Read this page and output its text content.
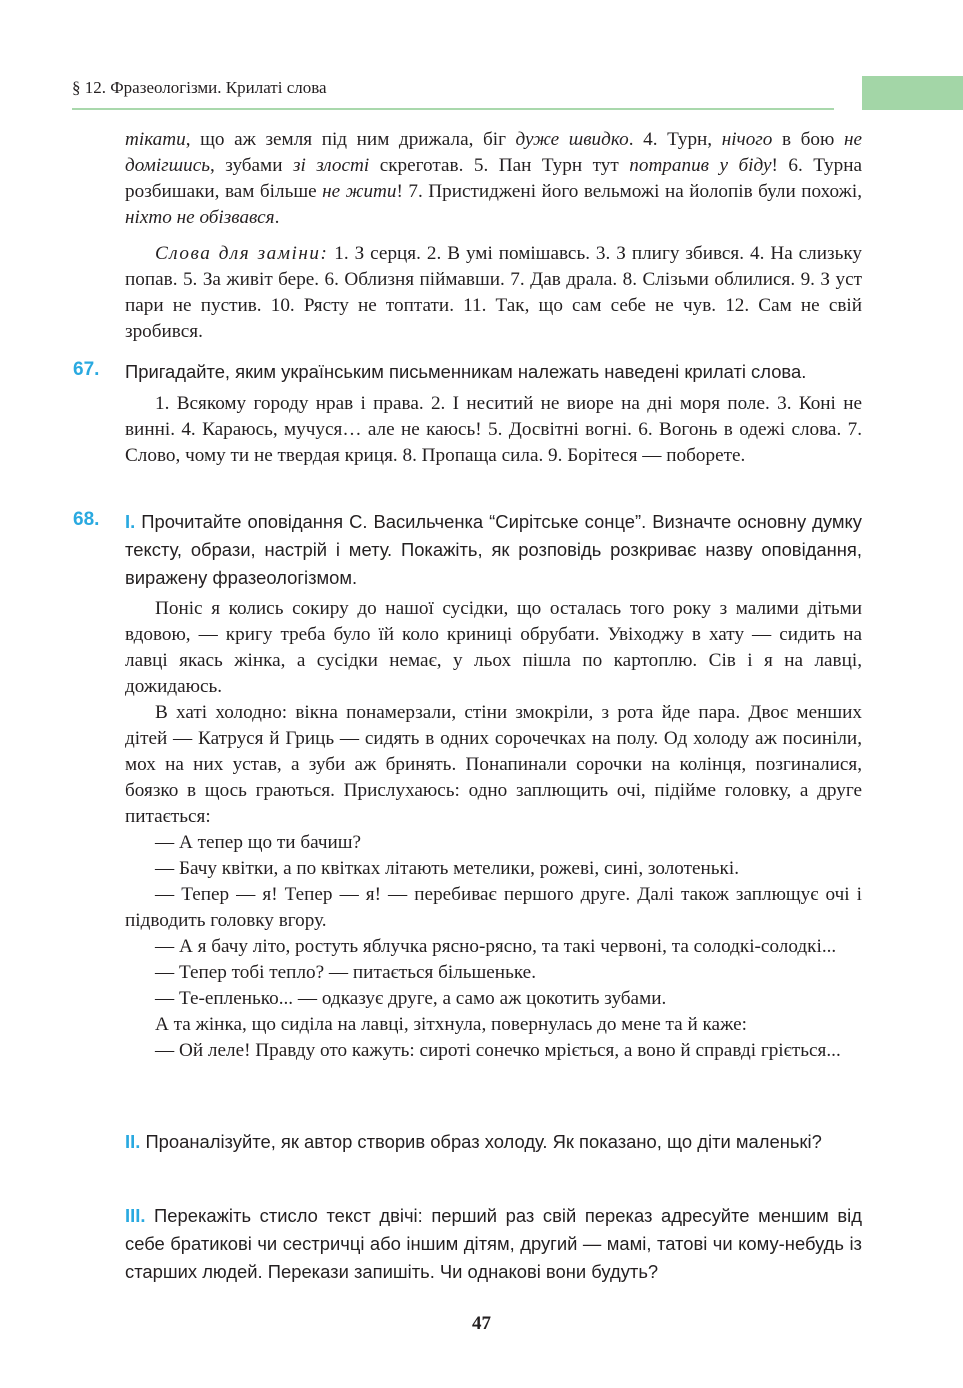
§ 12. Фразеологізми. Крилаті слова

тікати, що аж земля під ним дрижала, біг дуже швидко. 4. Турн, нічого в бою не домігшись, зубами зі злості скреготав. 5. Пан Турн тут потрапив у біду! 6. Турна розбишаки, вам більше не жити! 7. Пристиджені його вельможі на йолопів були похожі, ніхто не обізвався.

Слова для заміни: 1. З серця. 2. В умі помішавсь. 3. З плигу збився. 4. На слизьку попав. 5. За живіт бере. 6. Облизня піймавши. 7. Дав драла. 8. Слізьми облилися. 9. З уст пари не пустив. 10. Рясту не топтати. 11. Так, що сам себе не чув. 12. Сам не свій зробився.

67. Пригадайте, яким українським письменникам належать наведені крилаті слова.

1. Всякому городу нрав і права. 2. І неситий не виоре на дні моря поле. 3. Коні не винні. 4. Караюсь, мучуся… але не каюсь! 5. Досвітні вогні. 6. Вогонь в одежі слова. 7. Слово, чому ти не твердая криця. 8. Пропаща сила. 9. Борітеся — поборете.

68. І. Прочитайте оповідання С. Васильченка “Сирітське сонце”. Визначте основну думку тексту, образи, настрій і мету. Покажіть, як розповідь розкриває назву оповідання, виражену фразеологізмом.

Поніс я колись сокиру до нашої сусідки, що осталась того року з малими дітьми вдовою, — кригу треба було їй коло криниці обрубати. Увіходжу в хату — сидить на лавці якась жінка, а сусідки немає, у льох пішла по картоплю. Сів і я на лавці, дожидаюсь.

В хаті холодно: вікна понамерзали, стіни змокріли, з рота йде пара. Двоє менших дітей — Катруся й Гриць — сидять в одних сорочечках на полу. Од холоду аж посиніли, мох на них устав, а зуби аж бринять. Понапинали сорочки на колінця, позгиналися, боязко в щось граються. Прислухаюсь: одно заплющить очі, підійме головку, а друге питається:

— А тепер що ти бачиш?

— Бачу квітки, а по квітках літають метелики, рожеві, сині, золотенькі.

— Тепер — я! Тепер — я! — перебиває першого друге. Далі також заплющує очі і підводить головку вгору.

— А я бачу літо, ростуть яблучка рясно-рясно, та такі червоні, та солодкі-солодкі...

— Тепер тобі тепло? — питається більшеньке.

— Те-епленько... — одказує друге, а само аж цокотить зубами.

А та жінка, що сиділа на лавці, зітхнула, повернулась до мене та й каже:

— Ой леле! Правду ото кажуть: сироті сонечко мріється, а воно й справді гріється...

ІІ. Проаналізуйте, як автор створив образ холоду. Як показано, що діти маленькі?

ІІІ. Перекажіть стисло текст двічі: перший раз свій переказ адресуйте меншим від себе братикові чи сестричці або іншим дітям, другий — мамі, татові чи кому-небудь із старших людей. Перекази запишіть. Чи однакові вони будуть?

47
